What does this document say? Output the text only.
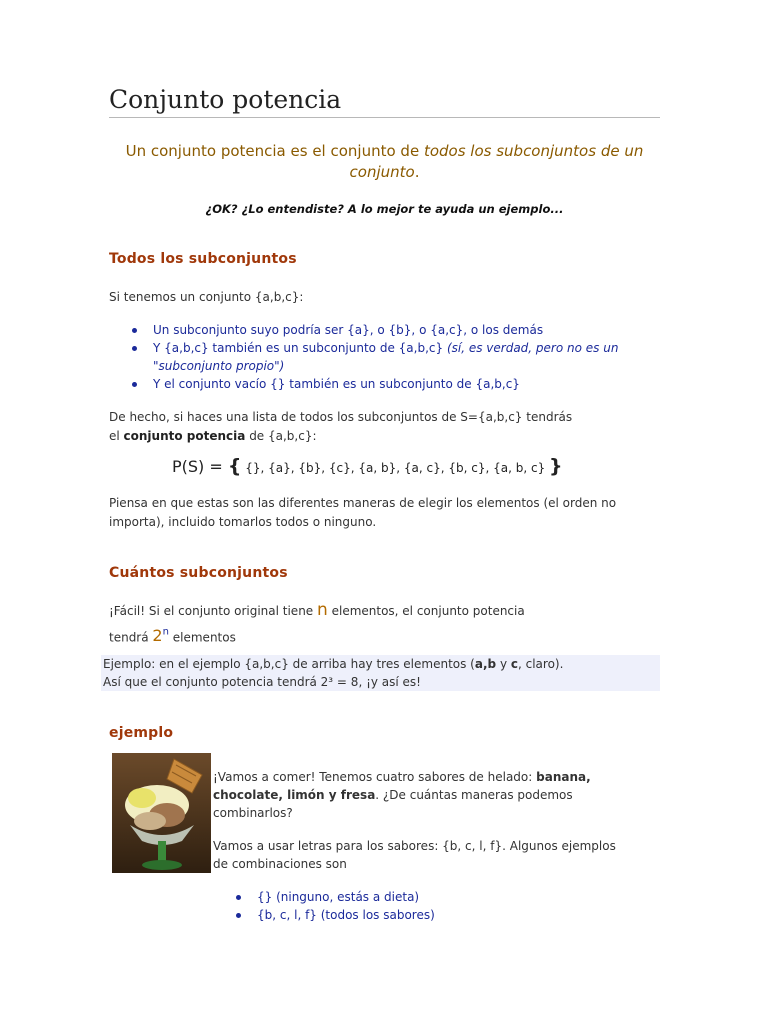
Conjunto potencia
Un conjunto potencia es el conjunto de todos los subconjuntos de un conjunto.
¿OK? ¿Lo entendiste? A lo mejor te ayuda un ejemplo...
Todos los subconjuntos
Si tenemos un conjunto {a,b,c}:
Un subconjunto suyo podría ser {a}, o {b}, o {a,c}, o los demás
Y {a,b,c} también es un subconjunto de {a,b,c} (sí, es verdad, pero no es un "subconjunto propio")
Y el conjunto vacío {} también es un subconjunto de {a,b,c}
De hecho, si haces una lista de todos los subconjuntos de S={a,b,c} tendrás
el conjunto potencia de {a,b,c}:
P(S) = { {}, {a}, {b}, {c}, {a, b}, {a, c}, {b, c}, {a, b, c} }
Piensa en que estas son las diferentes maneras de elegir los elementos (el orden no
importa), incluido tomarlos todos o ninguno.
Cuántos subconjuntos
¡Fácil! Si el conjunto original tiene n elementos, el conjunto potencia
tendrá 2$^n$ elementos
Ejemplo: en el ejemplo {a,b,c} de arriba hay tres elementos (a,b y c, claro).
Así que el conjunto potencia tendrá 2³ = 8, ¡y así es!
ejemplo
¡Vamos a comer! Tenemos cuatro sabores de helado: banana,
chocolate, limón y fresa. ¿De cuántas maneras podemos
combinarlos?
Vamos a usar letras para los sabores: {b, c, l, f}. Algunos ejemplos
de combinaciones son
{} (ninguno, estás a dieta)
{b, c, l, f} (todos los sabores)
